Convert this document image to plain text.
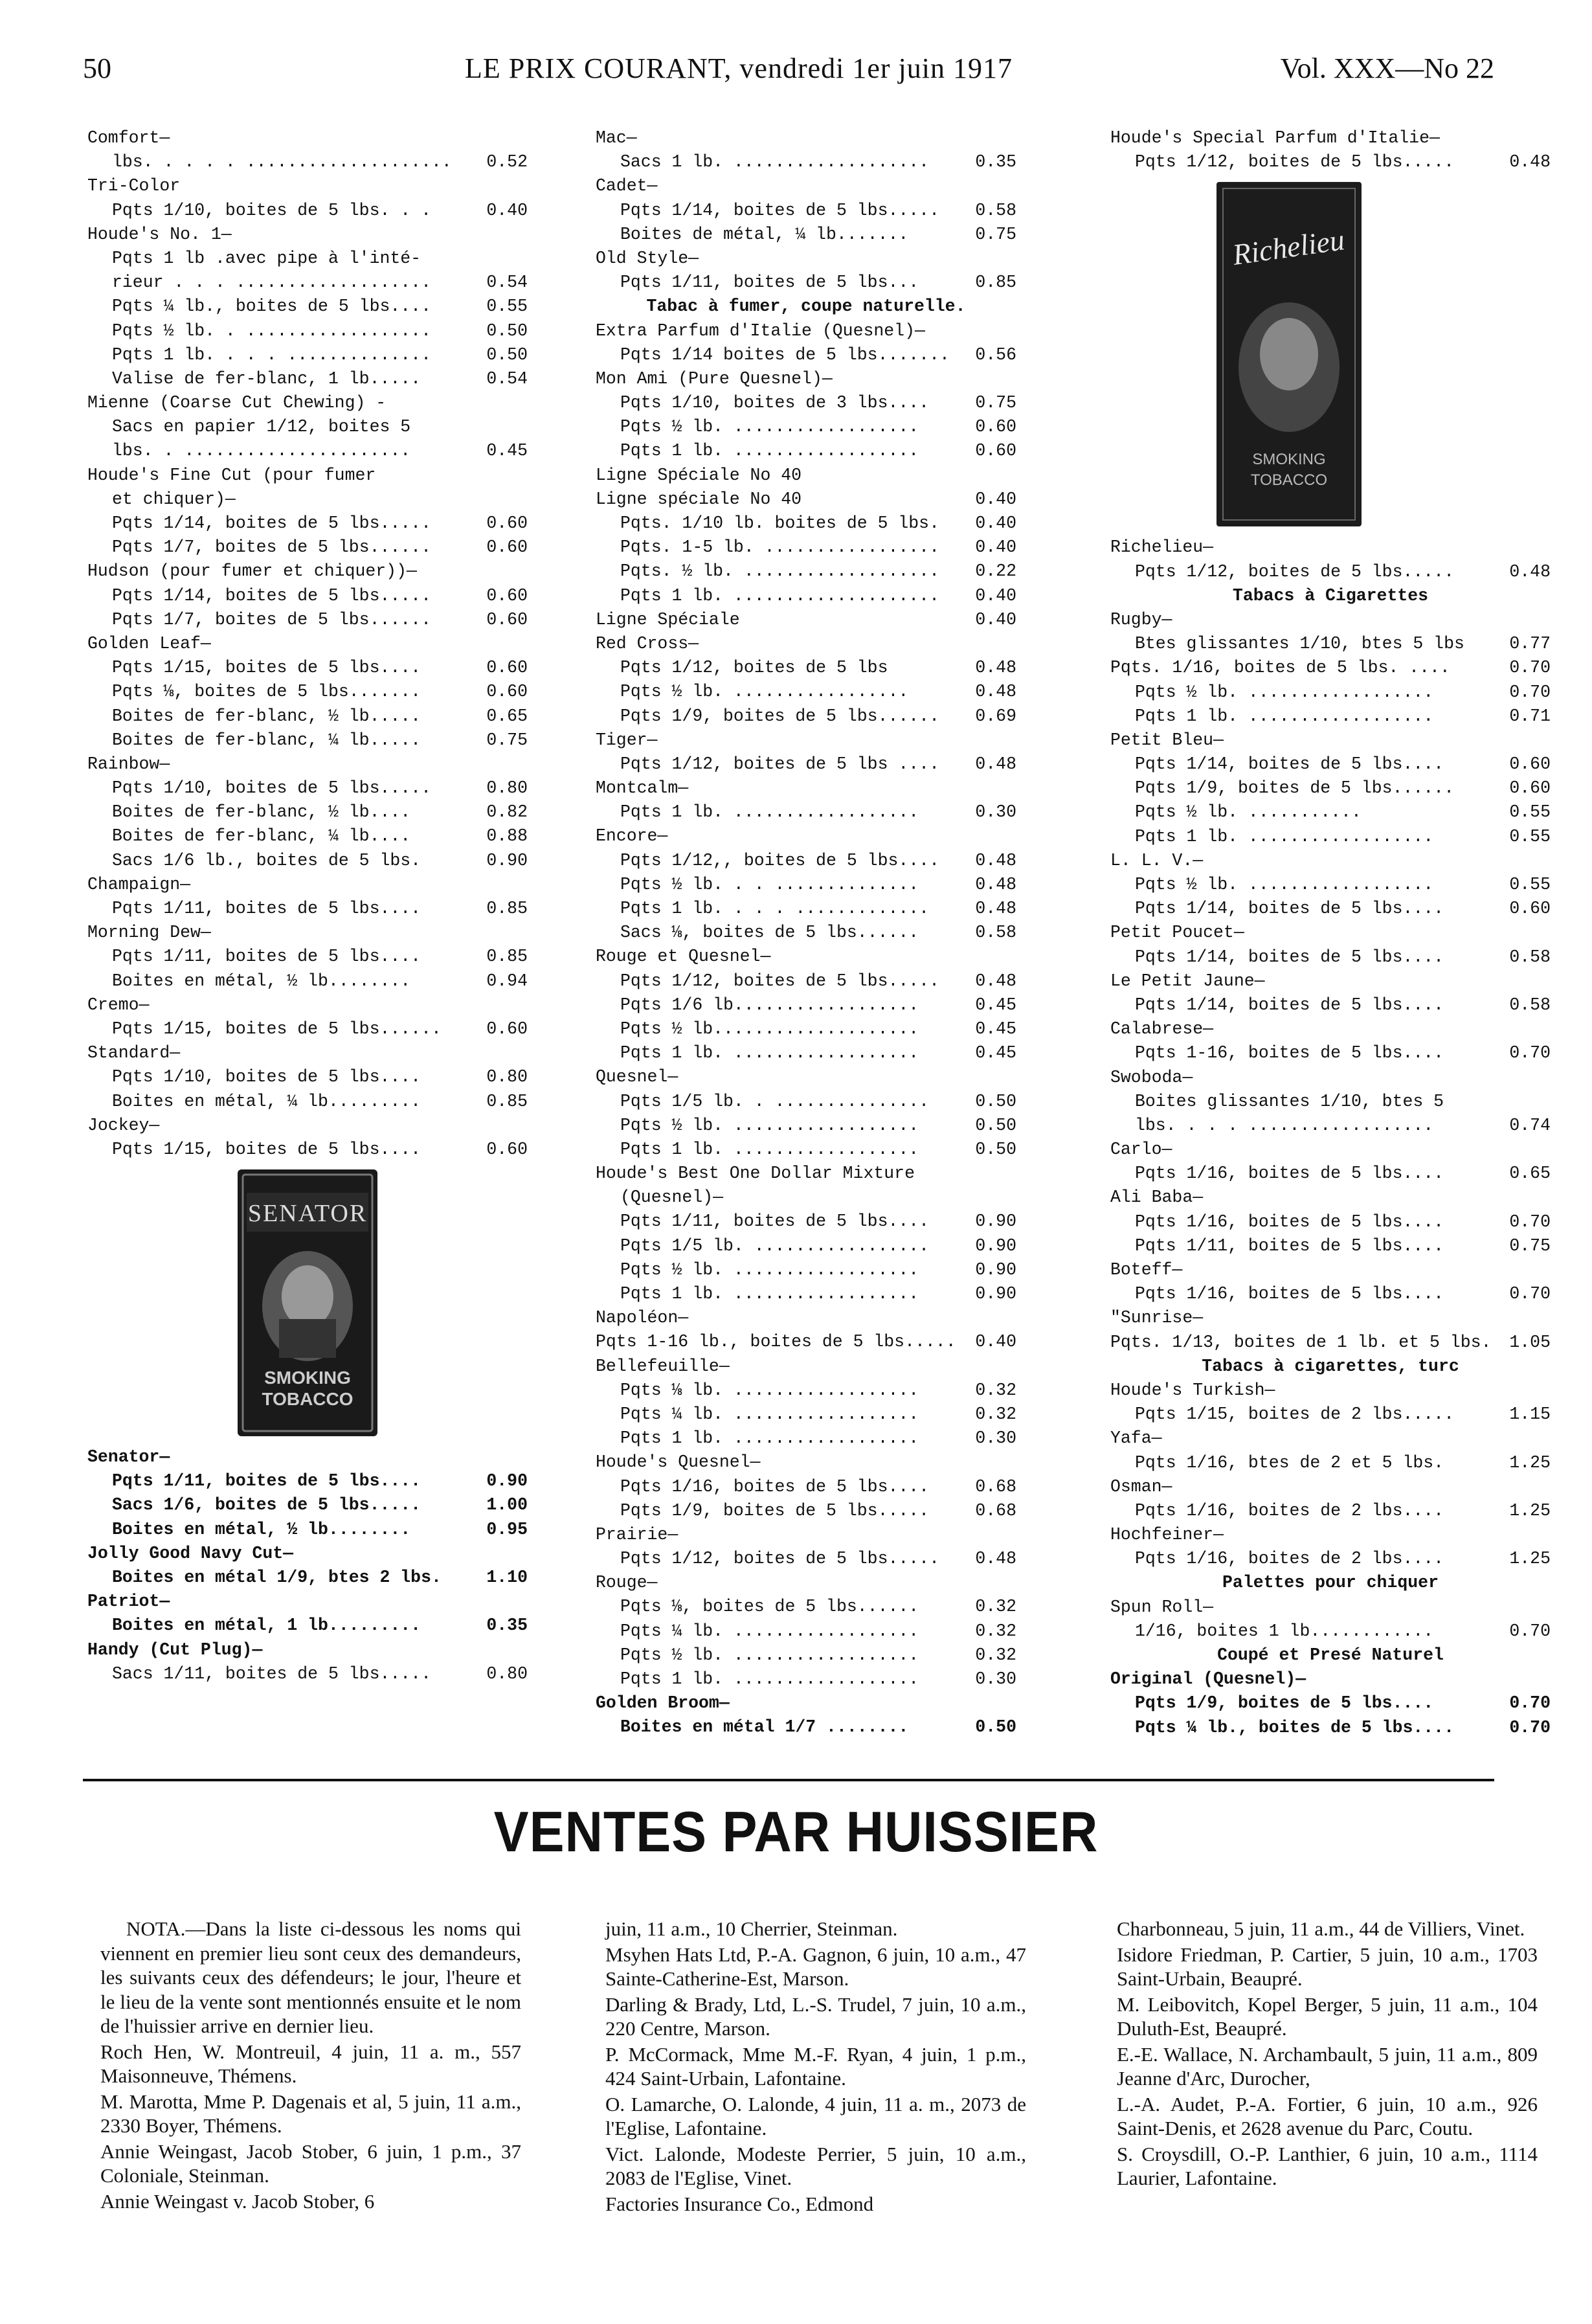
50	LE PRIX COURANT, vendredi 1er juin 1917	Vol. XXX—No 22
Comfort—
lbs. . . . . ....................	0.52
Tri-Color
Pqts 1/10, boites de 5 lbs. . .	0.40
Houde's No. 1—
Pqts 1 lb .avec pipe à l'inté-
rieur . . . ...................	0.54
Pqts ¼ lb., boites de 5 lbs....	0.55
Pqts ½ lb. . ..................	0.50
Pqts 1 lb. . . . ..............	0.50
Valise de fer-blanc, 1 lb.....	0.54
Mienne (Coarse Cut Chewing) -
Sacs en papier 1/12, boites 5
lbs. . ......................	0.45
Houde's Fine Cut (pour fumer
et chiquer)—
Pqts 1/14, boites de 5 lbs.....	0.60
Pqts 1/7, boites de 5 lbs......	0.60
Hudson (pour fumer et chiquer))—
Pqts 1/14, boites de 5 lbs.....	0.60
Pqts 1/7, boites de 5 lbs......	0.60
Golden Leaf—
Pqts 1/15, boites de 5 lbs....	0.60
Pqts ⅛, boites de 5 lbs.......	0.60
Boites de fer-blanc, ½ lb.....	0.65
Boites de fer-blanc, ¼ lb.....	0.75
Rainbow—
Pqts 1/10, boites de 5 lbs.....	0.80
Boites de fer-blanc, ½ lb....	0.82
Boites de fer-blanc, ¼ lb....	0.88
Sacs 1/6 lb., boites de 5 lbs.	0.90
Champaign—
Pqts 1/11, boites de 5 lbs....	0.85
Morning Dew—
Pqts 1/11, boites de 5 lbs....	0.85
Boites en métal, ½ lb........	0.94
Cremo—
Pqts 1/15, boites de 5 lbs......	0.60
Standard—
Pqts 1/10, boites de 5 lbs....	0.80
Boites en métal, ¼ lb.........	0.85
Jockey—
Pqts 1/15, boites de 5 lbs....	0.60
SENATOR
SMOKING
TOBACCO
Senator—
Pqts 1/11, boites de 5 lbs....	0.90
Sacs 1/6, boites de 5 lbs.....	1.00
Boites en métal, ½ lb........	0.95
Jolly Good Navy Cut—
Boites en métal 1/9, btes 2 lbs.	1.10
Patriot—
Boites en métal, 1 lb.........	0.35
Handy (Cut Plug)—
Sacs 1/11, boites de 5 lbs.....	0.80
Mac—
Sacs 1 lb. ...................	0.35
Cadet—
Pqts 1/14, boites de 5 lbs.....	0.58
Boites de métal, ¼ lb.......	0.75
Old Style—
Pqts 1/11, boites de 5 lbs...	0.85
Tabac à fumer, coupe naturelle.
Extra Parfum d'Italie (Quesnel)—
Pqts 1/14 boites de 5 lbs.......	0.56
Mon Ami (Pure Quesnel)—
Pqts 1/10, boites de 3 lbs....	0.75
Pqts ½ lb. ..................	0.60
Pqts 1 lb. ..................	0.60
Ligne Spéciale No 40
Ligne spéciale No 40	0.40
Pqts. 1/10 lb. boites de 5 lbs.	0.40
Pqts. 1-5 lb. .................	0.40
Pqts. ½ lb. ...................	0.22
Pqts 1 lb. ....................	0.40
Ligne Spéciale	0.40
Red Cross—
Pqts 1/12, boites de 5 lbs	0.48
Pqts ½ lb. .................	0.48
Pqts 1/9, boites de 5 lbs......	0.69
Tiger—
Pqts 1/12, boites de 5 lbs ....	0.48
Montcalm—
Pqts 1 lb. ..................	0.30
Encore—
Pqts 1/12,, boites de 5 lbs....	0.48
Pqts ½ lb. . . ..............	0.48
Pqts 1 lb. . . . .............	0.48
Sacs ⅛, boites de 5 lbs......	0.58
Rouge et Quesnel—
Pqts 1/12, boites de 5 lbs.....	0.48
Pqts 1/6 lb..................	0.45
Pqts ½ lb....................	0.45
Pqts 1 lb. ..................	0.45
Quesnel—
Pqts 1/5 lb. . ...............	0.50
Pqts ½ lb. ..................	0.50
Pqts 1 lb. ..................	0.50
Houde's Best One Dollar Mixture
(Quesnel)—
Pqts 1/11, boites de 5 lbs....	0.90
Pqts 1/5 lb. .................	0.90
Pqts ½ lb. ..................	0.90
Pqts 1 lb. ..................	0.90
Napoléon—
Pqts 1-16 lb., boites de 5 lbs.....	0.40
Bellefeuille—
Pqts ⅛ lb. ..................	0.32
Pqts ¼ lb. ..................	0.32
Pqts 1 lb. ..................	0.30
Houde's Quesnel—
Pqts 1/16, boites de 5 lbs....	0.68
Pqts 1/9, boites de 5 lbs.....	0.68
Prairie—
Pqts 1/12, boites de 5 lbs.....	0.48
Rouge—
Pqts ⅛, boites de 5 lbs......	0.32
Pqts ¼ lb. ..................	0.32
Pqts ½ lb. ..................	0.32
Pqts 1 lb. ..................	0.30
Golden Broom—
Boites en métal 1/7 ........	0.50
Houde's Special Parfum d'Italie—
Pqts 1/12, boites de 5 lbs.....	0.48
Richelieu
SMOKING
TOBACCO
Richelieu—
Pqts 1/12, boites de 5 lbs.....	0.48
Tabacs à Cigarettes
Rugby—
Btes glissantes 1/10, btes 5 lbs	0.77
Pqts. 1/16, boites de 5 lbs. ....	0.70
Pqts ½ lb. ..................	0.70
Pqts 1 lb. ..................	0.71
Petit Bleu—
Pqts 1/14, boites de 5 lbs....	0.60
Pqts 1/9, boites de 5 lbs......	0.60
Pqts ½ lb. ...........	0.55
Pqts 1 lb. ..................	0.55
L. L. V.—
Pqts ½ lb. ..................	0.55
Pqts 1/14, boites de 5 lbs....	0.60
Petit Poucet—
Pqts 1/14, boites de 5 lbs....	0.58
Le Petit Jaune—
Pqts 1/14, boites de 5 lbs....	0.58
Calabrese—
Pqts 1-16, boites de 5 lbs....	0.70
Swoboda—
Boites glissantes 1/10, btes 5
lbs. . . . ..................	0.74
Carlo—
Pqts 1/16, boites de 5 lbs....	0.65
Ali Baba—
Pqts 1/16, boites de 5 lbs....	0.70
Pqts 1/11, boites de 5 lbs....	0.75
Boteff—
Pqts 1/16, boites de 5 lbs....	0.70
"Sunrise—
Pqts. 1/13, boites de 1 lb. et 5 lbs.	1.05
Tabacs à cigarettes, turc
Houde's Turkish—
Pqts 1/15, boites de 2 lbs.....	1.15
Yafa—
Pqts 1/16, btes de 2 et 5 lbs.	1.25
Osman—
Pqts 1/16, boites de 2 lbs....	1.25
Hochfeiner—
Pqts 1/16, boites de 2 lbs....	1.25
Palettes pour chiquer
Spun Roll—
1/16, boites 1 lb............	0.70
Coupé et Presé Naturel
Original (Quesnel)—
Pqts 1/9, boites de 5 lbs....	0.70
Pqts ¼ lb., boites de 5 lbs....	0.70
VENTES PAR HUISSIER

NOTA.—Dans la liste ci-dessous les noms qui viennent en premier lieu sont ceux des demandeurs, les suivants ceux des défendeurs; le jour, l'heure et le lieu de la vente sont mentionnés ensuite et le nom de l'huissier arrive en dernier lieu.

Roch Hen, W. Montreuil, 4 juin, 11 a. m., 557 Maisonneuve, Thémens.

M. Marotta, Mme P. Dagenais et al, 5 juin, 11 a.m., 2330 Boyer, Thémens.

Annie Weingast, Jacob Stober, 6 juin, 1 p.m., 37 Coloniale, Steinman.

Annie Weingast v. Jacob Stober, 6

juin, 11 a.m., 10 Cherrier, Steinman.

Msyhen Hats Ltd, P.-A. Gagnon, 6 juin, 10 a.m., 47 Sainte-Catherine-Est, Marson.

Darling & Brady, Ltd, L.-S. Trudel, 7 juin, 10 a.m., 220 Centre, Marson.

P. McCormack, Mme M.-F. Ryan, 4 juin, 1 p.m., 424 Saint-Urbain, Lafontaine.

O. Lamarche, O. Lalonde, 4 juin, 11 a. m., 2073 de l'Eglise, Lafontaine.

Vict. Lalonde, Modeste Perrier, 5 juin, 10 a.m., 2083 de l'Eglise, Vinet.

Factories Insurance Co., Edmond

Charbonneau, 5 juin, 11 a.m., 44 de Villiers, Vinet.

Isidore Friedman, P. Cartier, 5 juin, 10 a.m., 1703 Saint-Urbain, Beaupré.

M. Leibovitch, Kopel Berger, 5 juin, 11 a.m., 104 Duluth-Est, Beaupré.

E.-E. Wallace, N. Archambault, 5 juin, 11 a.m., 809 Jeanne d'Arc, Durocher,

L.-A. Audet, P.-A. Fortier, 6 juin, 10 a.m., 926 Saint-Denis, et 2628 avenue du Parc, Coutu.

S. Croysdill, O.-P. Lanthier, 6 juin, 10 a.m., 1114 Laurier, Lafontaine.
